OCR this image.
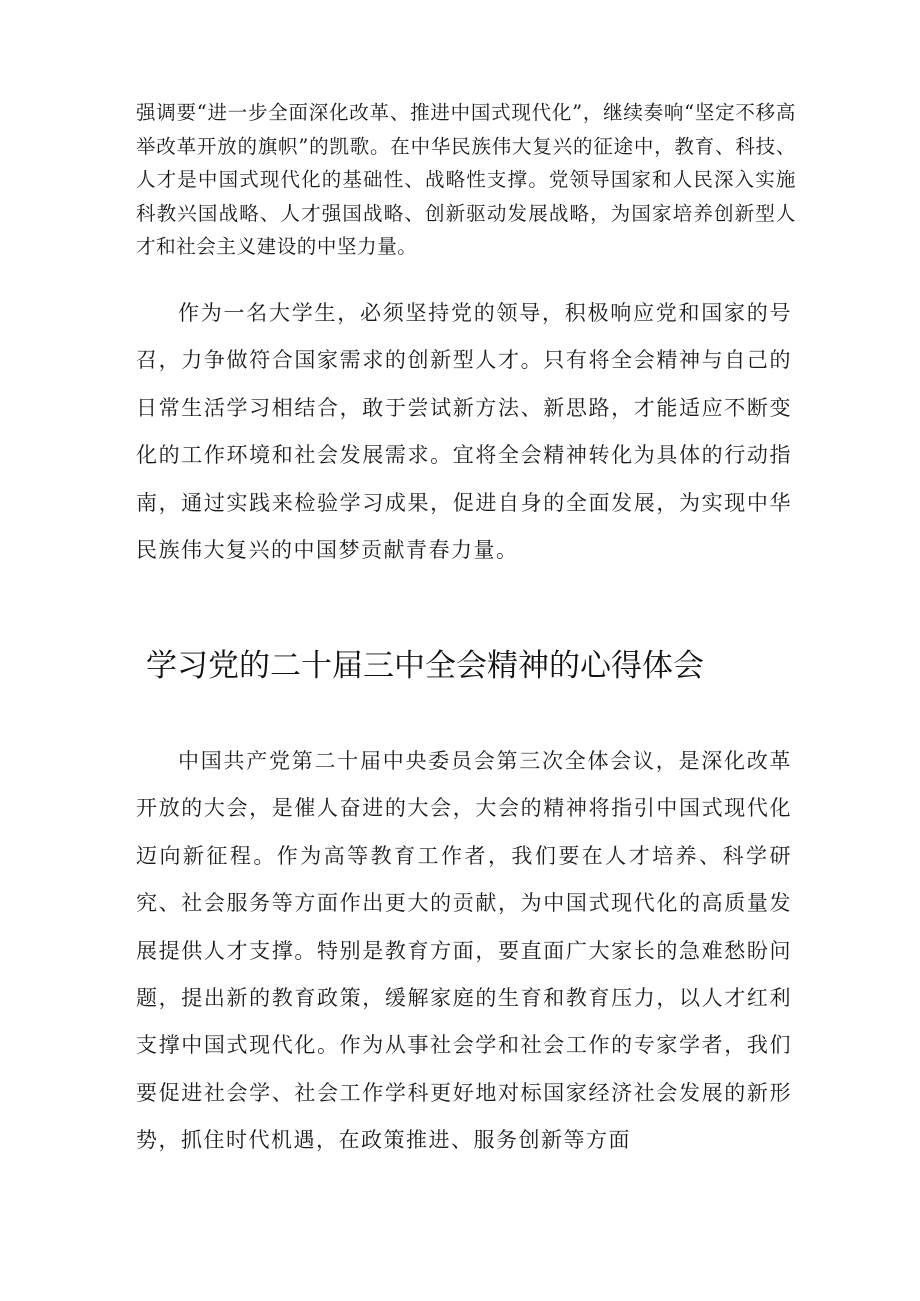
强调要“进一步全面深化改革、推进中国式现代化”，继续奏响“坚定不移高举改革开放的旗帜”的凯歌。在中华民族伟大复兴的征途中，教育、科技、人才是中国式现代化的基础性、战略性支撑。党领导国家和人民深入实施科教兴国战略、人才强国战略、创新驱动发展战略，为国家培养创新型人才和社会主义建设的中坚力量。

作为一名大学生，必须坚持党的领导，积极响应党和国家的号召，力争做符合国家需求的创新型人才。只有将全会精神与自己的日常生活学习相结合，敢于尝试新方法、新思路，才能适应不断变化的工作环境和社会发展需求。宜将全会精神转化为具体的行动指南，通过实践来检验学习成果，促进自身的全面发展，为实现中华民族伟大复兴的中国梦贡献青春力量。

学习党的二十届三中全会精神的心得体会

中国共产党第二十届中央委员会第三次全体会议，是深化改革开放的大会，是催人奋进的大会，大会的精神将指引中国式现代化迈向新征程。作为高等教育工作者，我们要在人才培养、科学研究、社会服务等方面作出更大的贡献，为中国式现代化的高质量发展提供人才支撑。特别是教育方面，要直面广大家长的急难愁盼问题，提出新的教育政策，缓解家庭的生育和教育压力，以人才红利支撑中国式现代化。作为从事社会学和社会工作的专家学者，我们要促进社会学、社会工作学科更好地对标国家经济社会发展的新形势，抓住时代机遇，在政策推进、服务创新等方面
